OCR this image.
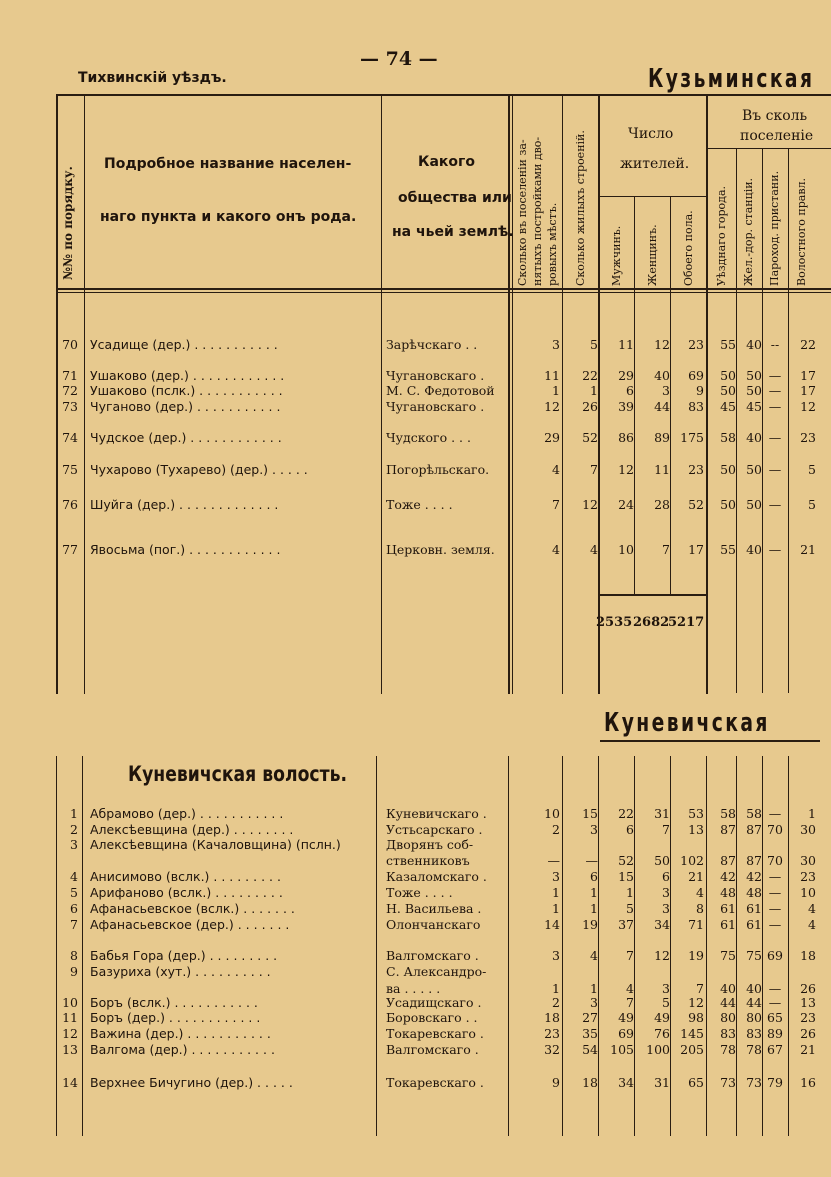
— 74 —
Тихвинскій уѣздъ.	Кузьминская
№№ по порядку.
Подробное название населен-
наго пункта и какого онъ рода.
Какого
общества или
на чьей землѣ. Сколько въ поселеніи за- нятыхъ постройками дво- ровыхъ мѣстъ. Сколько жилыхъ строеній.	Число
жителей.
Мужчинъ. Женщинъ. Обоего пола.
Въ сколь
поселеніе
Уѣзднаго города. Жел.-дор. станціи. Пароход. пристани. Волостного правл.
70 Усадище (дер.) . . . . . . . . . . .	Зарѣчскаго . .	3	5	11	12	23	55 40 --	22
71 Ушаково (дер.) . . . . . . . . . . . .	Чугановскаго .	11	22	29	40	69	50 50 —	17
72 Ушаково (пслк.) . . . . . . . . . . .	М. С. Федотовой	1	1	6	3	9	50 50 —	17
73 Чуганово (дер.) . . . . . . . . . . .	Чугановскаго .	12	26	39	44	83	45 45 —	12
74 Чудское (дер.) . . . . . . . . . . . .	Чудского . . .	29	52	86	89 175	58 40 —	23
75 Чухарово (Тухарево) (дер.) . . . . .	Погорѣльскаго.	4	7	12	11	23	50 50 —	5
76 Шуйга (дер.) . . . . . . . . . . . . .	Тоже . . . .	7	12	24	28	52	50 50 —	5
77 Явосьма (пог.) . . . . . . . . . . . .	Церковн. земля.	4	4	10	7	17	55 40 —	21
2535 2682
5217
Куневичская
Куневичская волость.
1 Абрамово (дер.) . . . . . . . . . . .	Куневичскаго .	10	15	22	31	53	58 58 —	1
2 Алексѣевщина (дер.) . . . . . . . .	Устьсарскаго .	2	3	6	7	13	87 87 70	30
3 Алексѣевщина (Качаловщина) (пслн.)	Дворянъ соб-
ственниковъ	—	—	52	50 102	87 87 70	30
4 Анисимово (вслк.) . . . . . . . . .	Казаломскаго .	3	6	15	6	21	42 42 —	23
5 Арифаново (вслк.) . . . . . . . . .	Тоже . . . .	1	1	1	3	4	48 48 —	10
6 Афанасьевское (вслк.) . . . . . . .	Н. Васильева .	1	1	5	3	8	61 61 —	4
7 Афанасьевское (дер.) . . . . . . .	Олончанскаго	14	19	37	34	71	61 61 —	4
8 Бабья Гора (дер.) . . . . . . . . .	Валгомскаго .	3	4	7	12	19	75 75 69	18
9 Базуриха (хут.) . . . . . . . . . .	С. Александро-
ва . . . . .	1	1	4	3	7	40 40 —	26
10 Боръ (вслк.) . . . . . . . . . . .	Усадищскаго .	2	3	7	5	12	44 44 —	13
11 Боръ (дер.) . . . . . . . . . . . .	Боровскаго . .	18	27	49	49	98	80 80 65	23
12 Важина (дер.) . . . . . . . . . . .	Токаревскаго .	23	35	69	76 145	83 83 89	26
13 Валгома (дер.) . . . . . . . . . . .	Валгомскаго .	32	54 105 100 205	78 78 67	21
14 Верхнее Бичугино (дер.) . . . . .	Токаревскаго .	9	18	34	31	65	73 73 79	16
